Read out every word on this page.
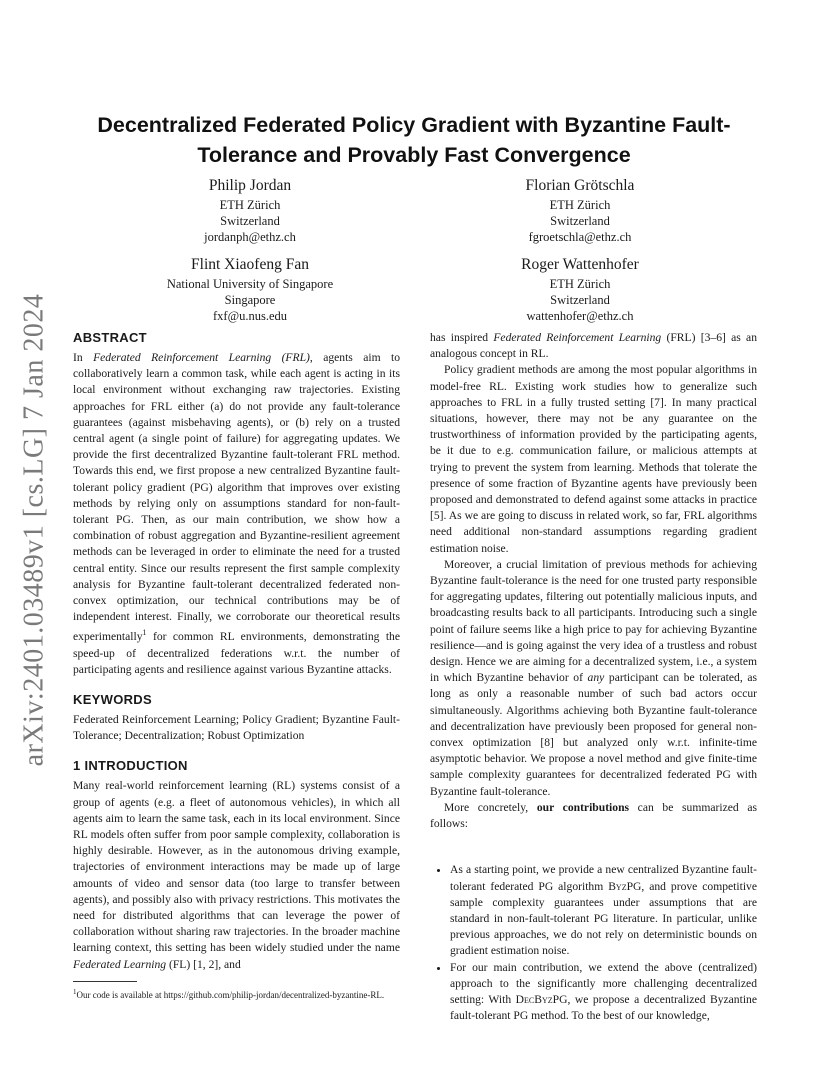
arXiv:2401.03489v1 [cs.LG] 7 Jan 2024
Decentralized Federated Policy Gradient with Byzantine Fault-Tolerance and Provably Fast Convergence
Philip Jordan
ETH Zürich
Switzerland
jordanph@ethz.ch
Florian Grötschla
ETH Zürich
Switzerland
fgroetschla@ethz.ch
Flint Xiaofeng Fan
National University of Singapore
Singapore
fxf@u.nus.edu
Roger Wattenhofer
ETH Zürich
Switzerland
wattenhofer@ethz.ch
ABSTRACT

In Federated Reinforcement Learning (FRL), agents aim to collaboratively learn a common task, while each agent is acting in its local environment without exchanging raw trajectories. Existing approaches for FRL either (a) do not provide any fault-tolerance guarantees (against misbehaving agents), or (b) rely on a trusted central agent (a single point of failure) for aggregating updates. We provide the first decentralized Byzantine fault-tolerant FRL method. Towards this end, we first propose a new centralized Byzantine fault-tolerant policy gradient (PG) algorithm that improves over existing methods by relying only on assumptions standard for non-fault-tolerant PG. Then, as our main contribution, we show how a combination of robust aggregation and Byzantine-resilient agreement methods can be leveraged in order to eliminate the need for a trusted central entity. Since our results represent the first sample complexity analysis for Byzantine fault-tolerant decentralized federated non-convex optimization, our technical contributions may be of independent interest. Finally, we corroborate our theoretical results experimentally$^1$ for common RL environments, demonstrating the speed-up of decentralized federations w.r.t. the number of participating agents and resilience against various Byzantine attacks.

KEYWORDS

Federated Reinforcement Learning; Policy Gradient; Byzantine Fault-Tolerance; Decentralization; Robust Optimization

1 INTRODUCTION

Many real-world reinforcement learning (RL) systems consist of a group of agents (e.g. a fleet of autonomous vehicles), in which all agents aim to learn the same task, each in its local environment. Since RL models often suffer from poor sample complexity, collaboration is highly desirable. However, as in the autonomous driving example, trajectories of environment interactions may be made up of large amounts of video and sensor data (too large to transfer between agents), and possibly also with privacy restrictions. This motivates the need for distributed algorithms that can leverage the power of collaboration without sharing raw trajectories. In the broader machine learning context, this setting has been widely studied under the name Federated Learning (FL) [1, 2], and

$^1$Our code is available at https://github.com/philip-jordan/decentralized-byzantine-RL.

has inspired Federated Reinforcement Learning (FRL) [3–6] as an analogous concept in RL.

Policy gradient methods are among the most popular algorithms in model-free RL. Existing work studies how to generalize such approaches to FRL in a fully trusted setting [7]. In many practical situations, however, there may not be any guarantee on the trustworthiness of information provided by the participating agents, be it due to e.g. communication failure, or malicious attempts at trying to prevent the system from learning. Methods that tolerate the presence of some fraction of Byzantine agents have previously been proposed and demonstrated to defend against some attacks in practice [5]. As we are going to discuss in related work, so far, FRL algorithms need additional non-standard assumptions regarding gradient estimation noise.

Moreover, a crucial limitation of previous methods for achieving Byzantine fault-tolerance is the need for one trusted party responsible for aggregating updates, filtering out potentially malicious inputs, and broadcasting results back to all participants. Introducing such a single point of failure seems like a high price to pay for achieving Byzantine resilience—and is going against the very idea of a trustless and robust design. Hence we are aiming for a decentralized system, i.e., a system in which Byzantine behavior of any participant can be tolerated, as long as only a reasonable number of such bad actors occur simultaneously. Algorithms achieving both Byzantine fault-tolerance and decentralization have previously been proposed for general non-convex optimization [8] but analyzed only w.r.t. infinite-time asymptotic behavior. We propose a novel method and give finite-time sample complexity guarantees for decentralized federated PG with Byzantine fault-tolerance.

More concretely, our contributions can be summarized as follows:

• As a starting point, we provide a new centralized Byzantine fault-tolerant federated PG algorithm ByzPG, and prove competitive sample complexity guarantees under assumptions that are standard in non-fault-tolerant PG literature. In particular, unlike previous approaches, we do not rely on deterministic bounds on gradient estimation noise.
• For our main contribution, we extend the above (centralized) approach to the significantly more challenging decentralized setting: With DecByzPG, we propose a decentralized Byzantine fault-tolerant PG method. To the best of our knowledge,
